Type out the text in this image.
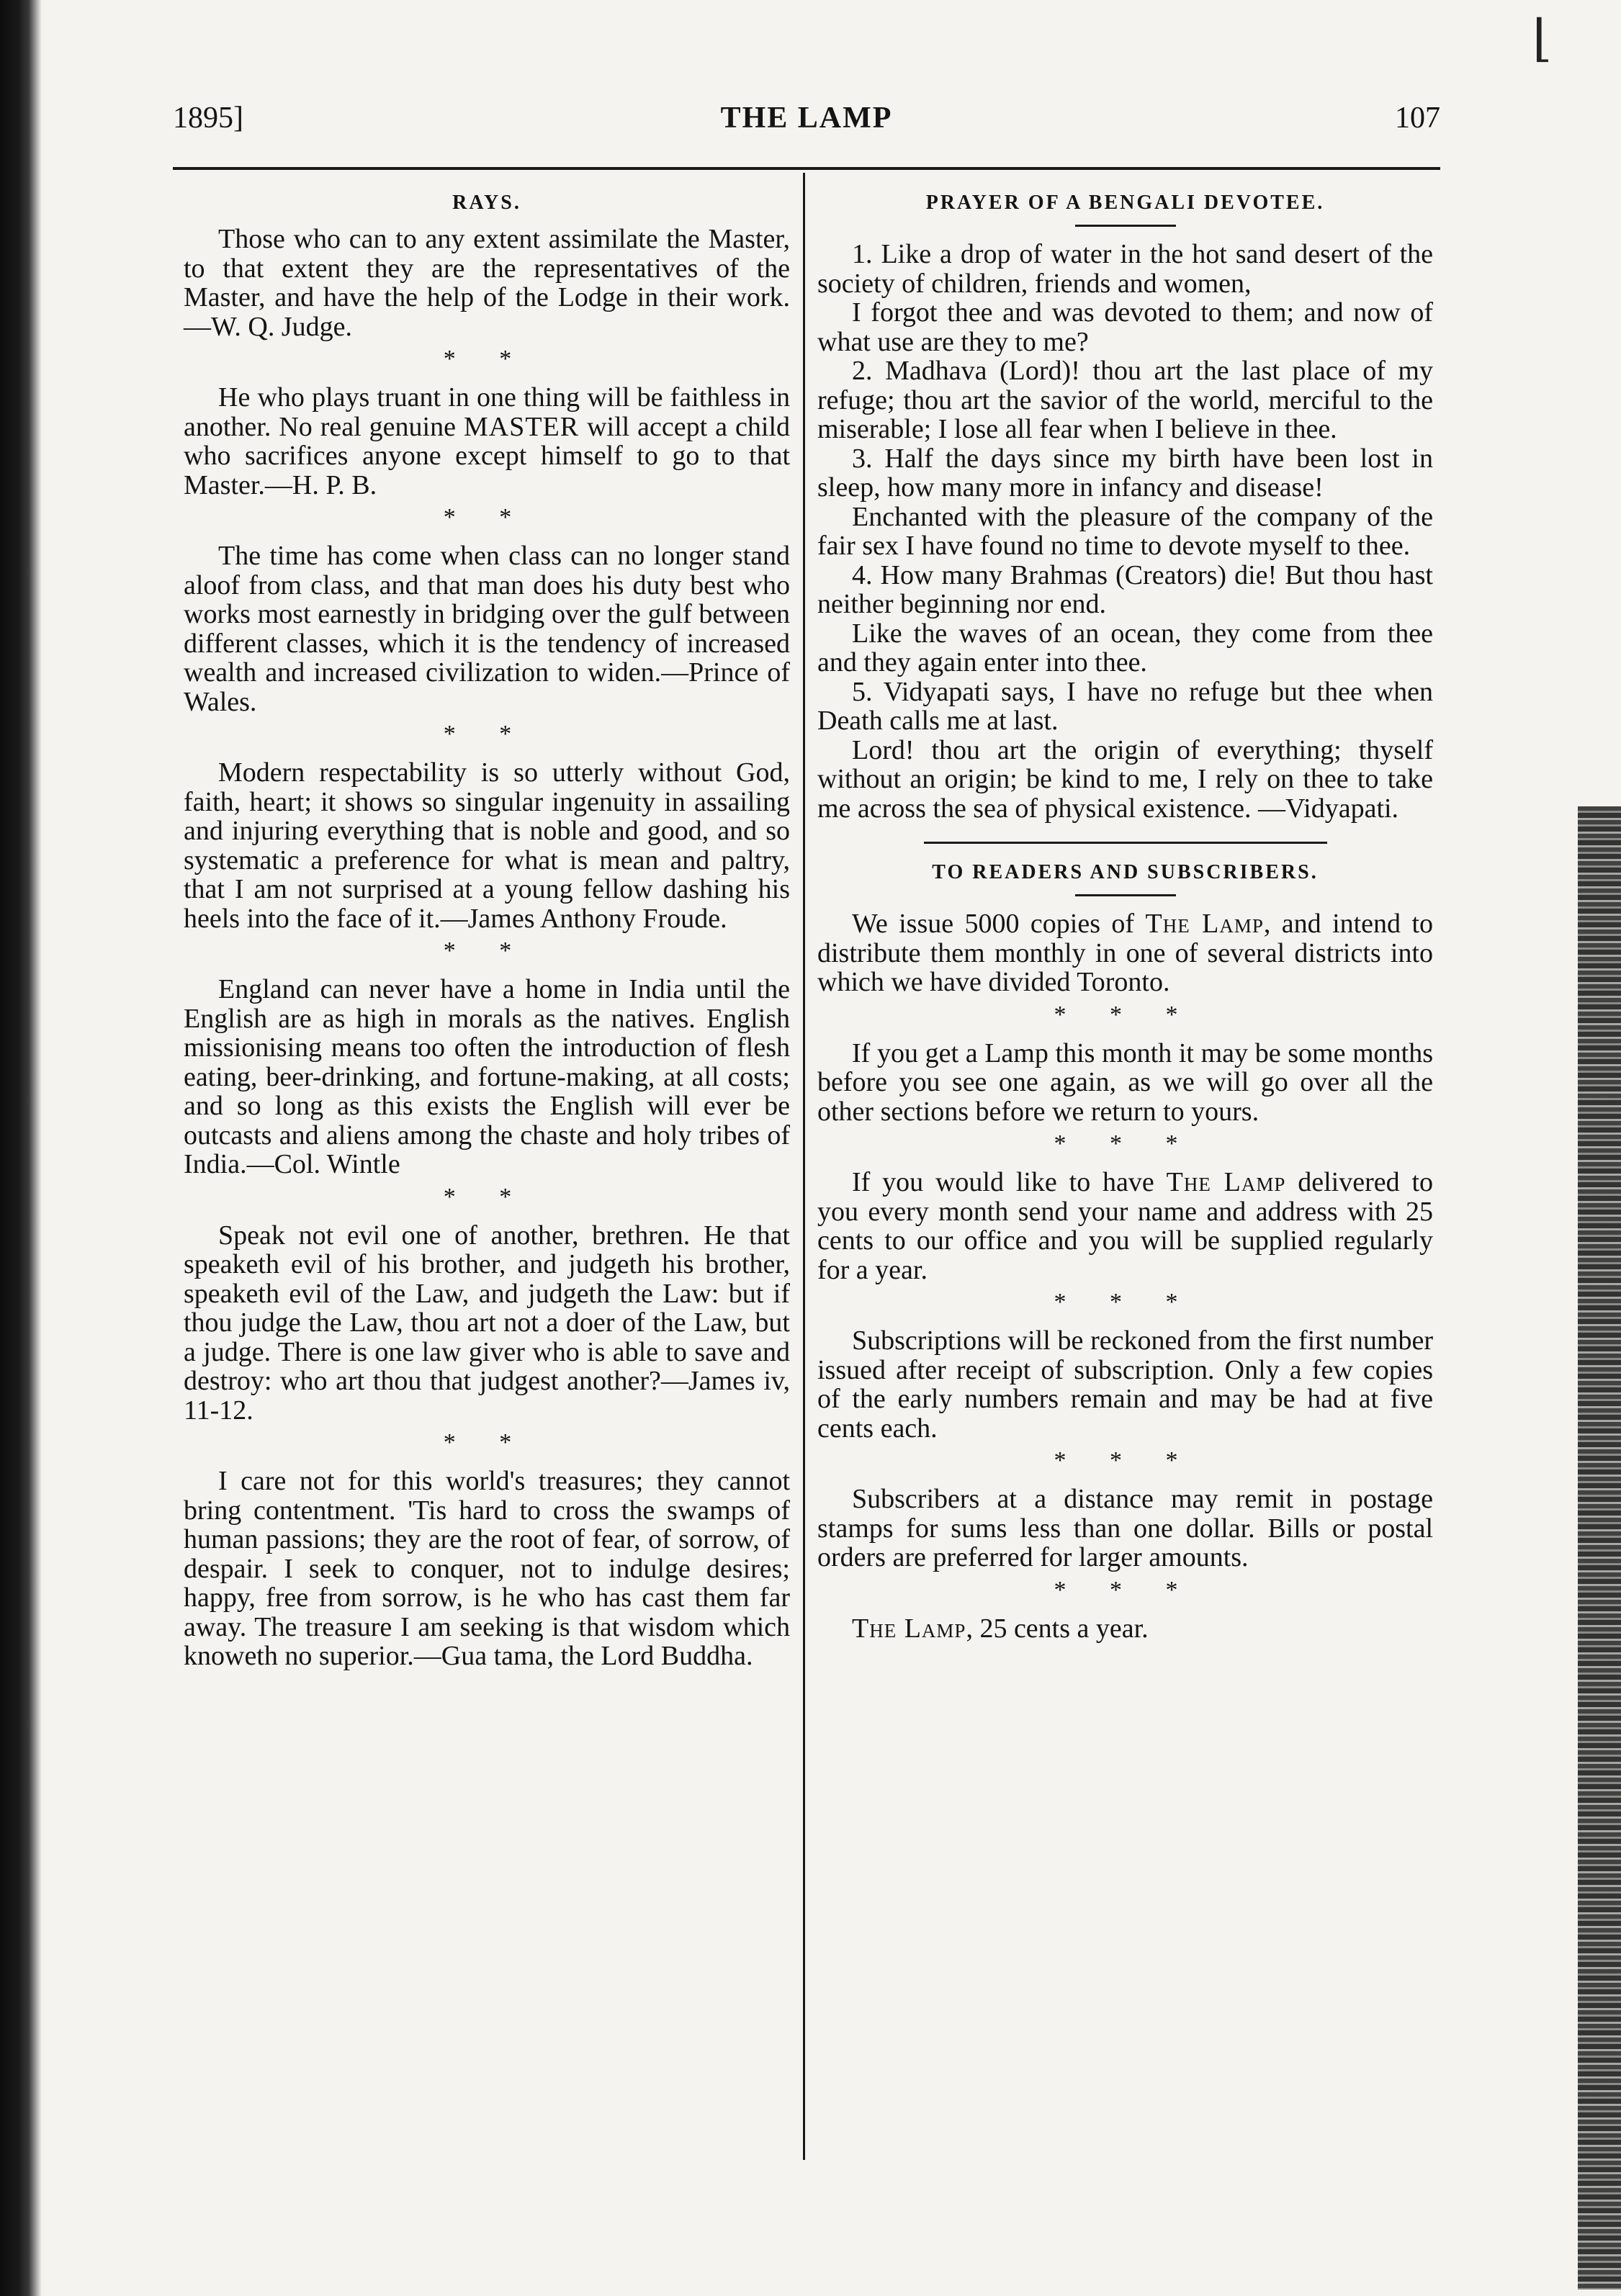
⌊
1895]	THE LAMP	107
RAYS.

Those who can to any extent assimilate the Master, to that extent they are the representatives of the Master, and have the help of the Lodge in their work. —W. Q. Judge.

* *

He who plays truant in one thing will be faithless in another. No real genuine MASTER will accept a child who sacrifices anyone except himself to go to that Master.—H. P. B.

* *

The time has come when class can no longer stand aloof from class, and that man does his duty best who works most earnestly in bridging over the gulf between different classes, which it is the tendency of increased wealth and increased civilization to widen.—Prince of Wales.

* *

Modern respectability is so utterly without God, faith, heart; it shows so singular ingenuity in assailing and injuring everything that is noble and good, and so systematic a preference for what is mean and paltry, that I am not surprised at a young fellow dashing his heels into the face of it.—James Anthony Froude.

* *

England can never have a home in India until the English are as high in morals as the natives. English missionising means too often the introduction of flesh eating, beer-drinking, and fortune-making, at all costs; and so long as this exists the English will ever be outcasts and aliens among the chaste and holy tribes of India.—Col. Wintle

* *

Speak not evil one of another, brethren. He that speaketh evil of his brother, and judgeth his brother, speaketh evil of the Law, and judgeth the Law: but if thou judge the Law, thou art not a doer of the Law, but a judge. There is one law giver who is able to save and destroy: who art thou that judgest another?—James iv, 11-12.

* *

I care not for this world's treasures; they cannot bring contentment. 'Tis hard to cross the swamps of human passions; they are the root of fear, of sorrow, of despair. I seek to conquer, not to indulge desires; happy, free from sorrow, is he who has cast them far away. The treasure I am seeking is that wisdom which knoweth no superior.—Gua tama, the Lord Buddha.

PRAYER OF A BENGALI DEVOTEE.

1. Like a drop of water in the hot sand desert of the society of children, friends and women,

I forgot thee and was devoted to them; and now of what use are they to me?

2. Madhava (Lord)! thou art the last place of my refuge; thou art the savior of the world, merciful to the miserable; I lose all fear when I believe in thee.

3. Half the days since my birth have been lost in sleep, how many more in infancy and disease!

Enchanted with the pleasure of the company of the fair sex I have found no time to devote myself to thee.

4. How many Brahmas (Creators) die! But thou hast neither beginning nor end.

Like the waves of an ocean, they come from thee and they again enter into thee.

5. Vidyapati says, I have no refuge but thee when Death calls me at last.

Lord! thou art the origin of everything; thyself without an origin; be kind to me, I rely on thee to take me across the sea of physical existence. —Vidyapati.

TO READERS AND SUBSCRIBERS.

We issue 5000 copies of The Lamp, and intend to distribute them monthly in one of several districts into which we have divided Toronto.

* * *

If you get a Lamp this month it may be some months before you see one again, as we will go over all the other sections before we return to yours.

* * *

If you would like to have The Lamp delivered to you every month send your name and address with 25 cents to our office and you will be supplied regularly for a year.

* * *

Subscriptions will be reckoned from the first number issued after receipt of subscription. Only a few copies of the early numbers remain and may be had at five cents each.

* * *

Subscribers at a distance may remit in postage stamps for sums less than one dollar. Bills or postal orders are preferred for larger amounts.

* * *

The Lamp, 25 cents a year.
